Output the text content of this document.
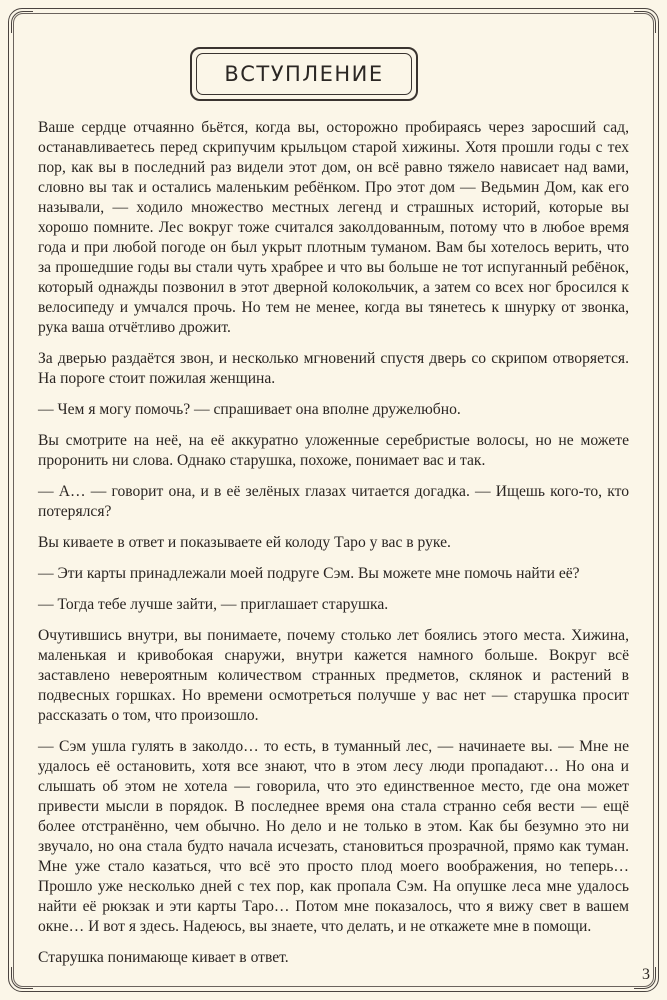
ВСТУПЛЕНИЕ

Ваше сердце отчаянно бьётся, когда вы, осторожно пробираясь через заросший сад, останавливаетесь перед скрипучим крыльцом старой хижины. Хотя прошли годы с тех пор, как вы в последний раз видели этот дом, он всё равно тяжело нависает над вами, словно вы так и остались маленьким ребёнком. Про этот дом — Ведьмин Дом, как его называли, — ходило множество местных легенд и страшных историй, которые вы хорошо помните. Лес вокруг тоже считался заколдованным, потому что в любое время года и при любой погоде он был укрыт плотным туманом. Вам бы хотелось верить, что за прошедшие годы вы стали чуть храбрее и что вы больше не тот испуганный ребёнок, который однажды позвонил в этот дверной колокольчик, а затем со всех ног бросился к велосипеду и умчался прочь. Но тем не менее, когда вы тянетесь к шнурку от звонка, рука ваша отчётливо дрожит.

За дверью раздаётся звон, и несколько мгновений спустя дверь со скрипом отворяется. На пороге стоит пожилая женщина.

— Чем я могу помочь? — спрашивает она вполне дружелюбно.

Вы смотрите на неё, на её аккуратно уложенные серебристые волосы, но не можете проронить ни слова. Однако старушка, похоже, понимает вас и так.

— А… — говорит она, и в её зелёных глазах читается догадка. — Ищешь кого-то, кто потерялся?

Вы киваете в ответ и показываете ей колоду Таро у вас в руке.

— Эти карты принадлежали моей подруге Сэм. Вы можете мне помочь найти её?

— Тогда тебе лучше зайти, — приглашает старушка.

Очутившись внутри, вы понимаете, почему столько лет боялись этого места. Хижина, маленькая и кривобокая снаружи, внутри кажется намного больше. Вокруг всё заставлено невероятным количеством странных предметов, склянок и растений в подвесных горшках. Но времени осмотреться получше у вас нет — старушка просит рассказать о том, что произошло.

— Сэм ушла гулять в заколдо… то есть, в туманный лес, — начинаете вы. — Мне не удалось её остановить, хотя все знают, что в этом лесу люди пропадают… Но она и слышать об этом не хотела — говорила, что это единственное место, где она может привести мысли в порядок. В последнее время она стала странно себя вести — ещё более отстранённо, чем обычно. Но дело и не только в этом. Как бы безумно это ни звучало, но она стала будто начала исчезать, становиться прозрачной, прямо как туман. Мне уже стало казаться, что всё это просто плод моего воображения, но теперь… Прошло уже несколько дней с тех пор, как пропала Сэм. На опушке леса мне удалось найти её рюкзак и эти карты Таро… Потом мне показалось, что я вижу свет в вашем окне… И вот я здесь. Надеюсь, вы знаете, что делать, и не откажете мне в помощи.

Старушка понимающе кивает в ответ.

3
